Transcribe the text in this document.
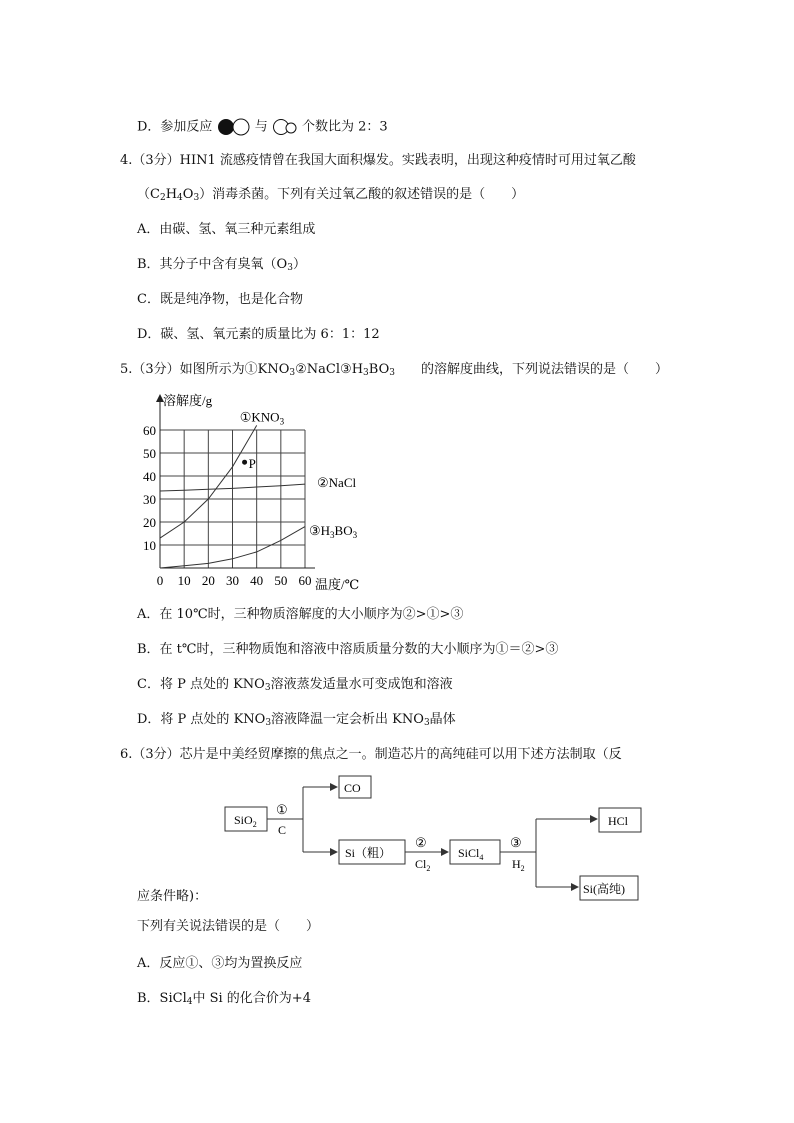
D．参加反应	与  个数比为 2：3
4.（3分）HIN1 流感疫情曾在我国大面积爆发。实践表明，出现这种疫情时可用过氧乙酸
$(C_2H_4O_3)$消毒杀菌。下列有关过氧乙酸的叙述错误的是（　　）
A．由碳、氢、氧三种元素组成
B．其分子中含有臭氧$(O_3)$
C．既是纯净物，也是化合物
D．碳、氢、氧元素的质量比为 6：1：12
5.（3分）如图所示为$①KNO_3②NaCl③H_3BO_3$　　的溶解度曲线，下列说法错误的是（　　）
溶解度/g
温度/℃
0 10 20 30 40 50 60
10
20
30
40
50
60
$①KNO_3$
②NaCl
$③H_3BO_3$
P
A．在 10℃时，三种物质溶解度的大小顺序为②>①>③
B．在 t℃时，三种物质饱和溶液中溶质质量分数的大小顺序为①＝②>③
C．将 P 点处的 $KNO_3$溶液蒸发适量水可变成饱和溶液
D．将 P 点处的 $KNO_3$溶液降温一定会析出 $KNO_3$晶体
6.（3分）芯片是中美经贸摩擦的焦点之一。制造芯片的高纯硅可以用下述方法制取（反
SiO$_2$
①
C
CO
Si（粗）
②
$Cl_2$
SiCl$_4$
③
$H_2$
HCl
Si(高纯)
应条件略)：
下列有关说法错误的是（　　）
A．反应①、③均为置换反应
B．SiCl$_4$中 Si 的化合价为+4
